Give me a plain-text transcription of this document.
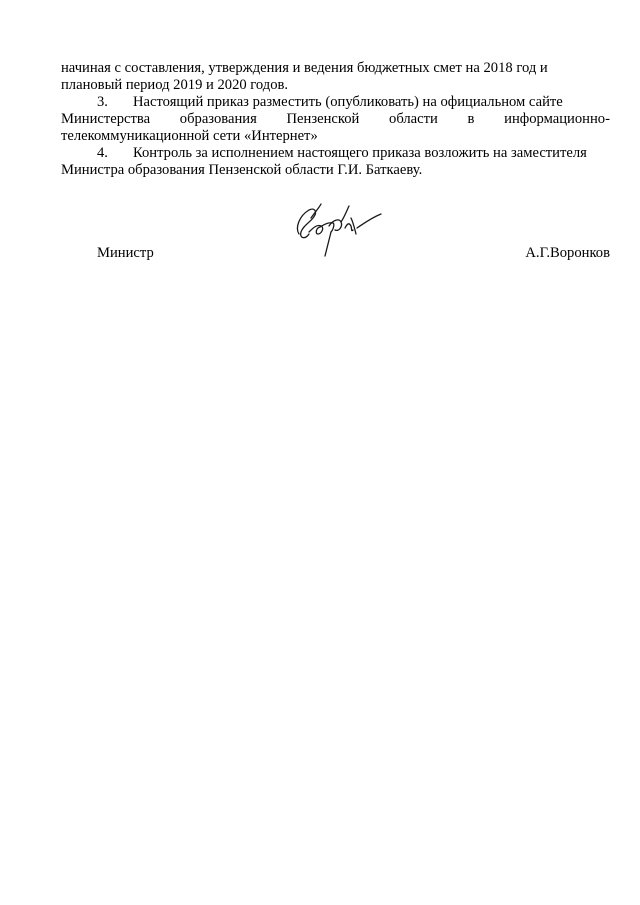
начиная с составления, утверждения и ведения бюджетных смет на 2018 год и

плановый период 2019 и 2020 годов.

3. Настоящий приказ разместить (опубликовать) на официальном сайте

Министерства образования Пензенской области в информационно-

телекоммуникационной сети «Интернет»

4. Контроль за исполнением настоящего приказа возложить на заместителя

Министра образования Пензенской области Г.И. Баткаеву.

Министр	А.Г.Воронков
